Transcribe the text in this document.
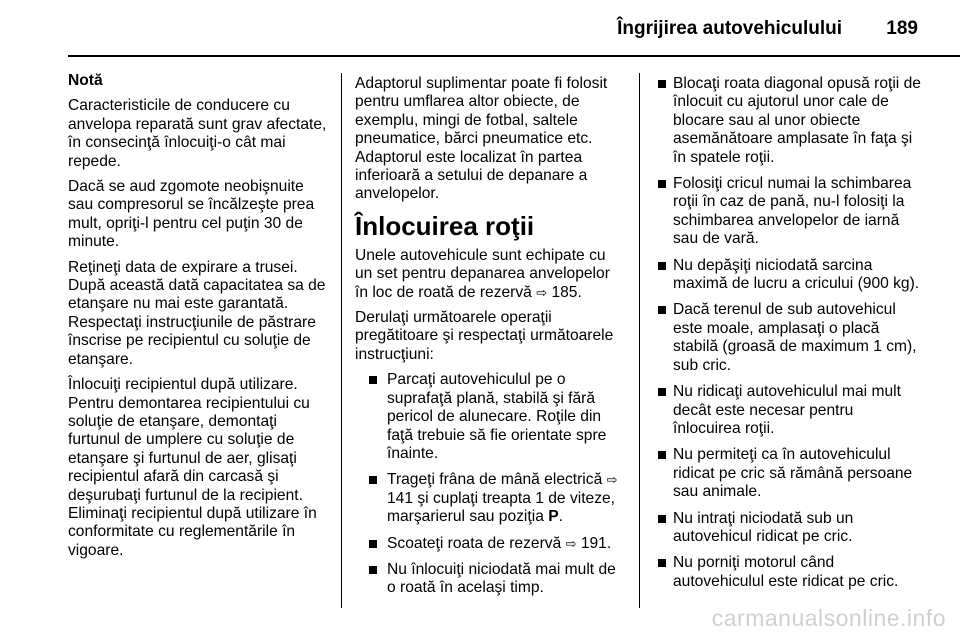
Îngrijirea autovehiculului 189

Notă

Caracteristicile de conducere cu anvelopa reparată sunt grav afectate, în consecinţă înlocuiţi-o cât mai repede.

Dacă se aud zgomote neobişnuite sau compresorul se încălzeşte prea mult, opriţi-l pentru cel puţin 30 de minute.

Reţineţi data de expirare a trusei. După această dată capacitatea sa de etanşare nu mai este garantată. Respectaţi instrucţiunile de păstrare înscrise pe recipientul cu soluţie de etanşare.

Înlocuiţi recipientul după utilizare. Pentru demontarea recipientului cu soluţie de etanşare, demontaţi furtunul de umplere cu soluţie de etanşare şi furtunul de aer, glisaţi recipientul afară din carcasă şi deşurubaţi furtunul de la recipient. Eliminaţi recipientul după utilizare în conformitate cu reglementările în vigoare.

Adaptorul suplimentar poate fi folosit pentru umflarea altor obiecte, de exemplu, mingi de fotbal, saltele pneumatice, bărci pneumatice etc. Adaptorul este localizat în partea inferioară a setului de depanare a anvelopelor.

Înlocuirea roţii

Unele autovehicule sunt echipate cu un set pentru depanarea anvelopelor în loc de roată de rezervă ⇨ 185.

Derulaţi următoarele operaţii pregătitoare şi respectaţi următoarele instrucţiuni:

Parcaţi autovehiculul pe o suprafaţă plană, stabilă şi fără pericol de alunecare. Roţile din faţă trebuie să fie orientate spre înainte.
Trageţi frâna de mână electrică ⇨ 141 şi cuplaţi treapta 1 de viteze, marşarierul sau poziţia P.
Scoateţi roata de rezervă ⇨ 191.
Nu înlocuiţi niciodată mai mult de o roată în acelaşi timp.
Blocaţi roata diagonal opusă roţii de înlocuit cu ajutorul unor cale de blocare sau al unor obiecte asemănătoare amplasate în faţa şi în spatele roţii.
Folosiţi cricul numai la schimbarea roţii în caz de pană, nu-l folosiţi la schimbarea anvelopelor de iarnă sau de vară.
Nu depăşiţi niciodată sarcina maximă de lucru a cricului (900 kg).
Dacă terenul de sub autovehicul este moale, amplasaţi o placă stabilă (groasă de maximum 1 cm), sub cric.
Nu ridicaţi autovehiculul mai mult decât este necesar pentru înlocuirea roţii.
Nu permiteţi ca în autovehiculul ridicat pe cric să rămână persoane sau animale.
Nu intraţi niciodată sub un autovehicul ridicat pe cric.
Nu porniţi motorul când autovehiculul este ridicat pe cric.
carmanualsonline.info
